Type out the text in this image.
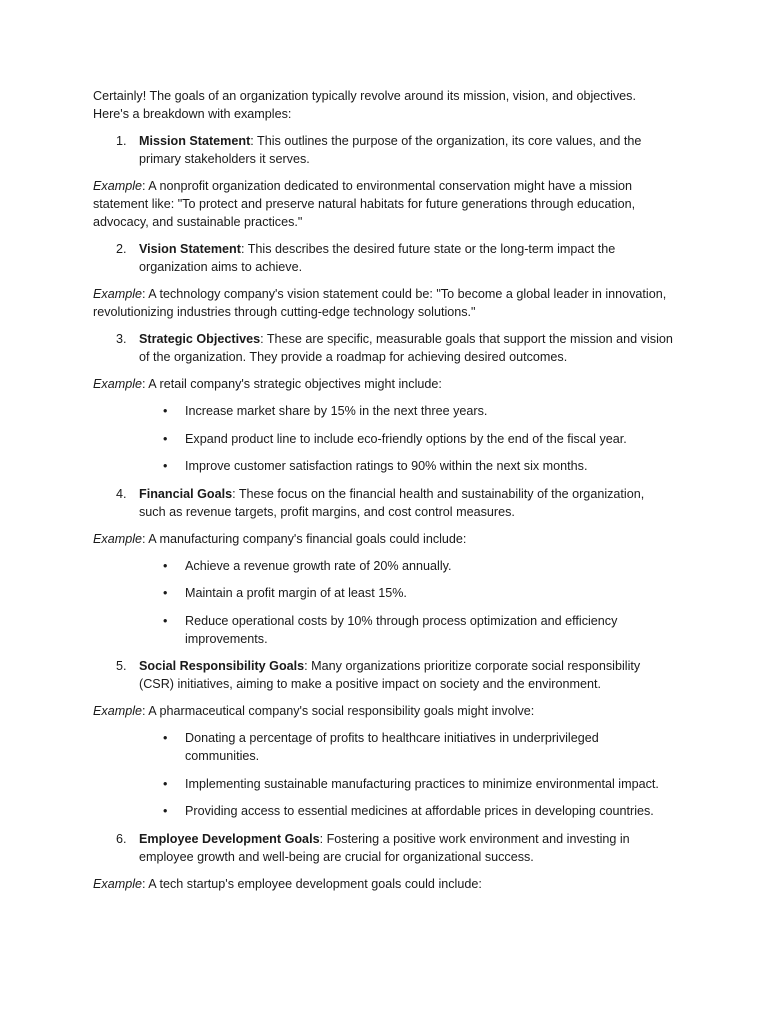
Certainly! The goals of an organization typically revolve around its mission, vision, and objectives. Here's a breakdown with examples:

1. Mission Statement: This outlines the purpose of the organization, its core values, and the primary stakeholders it serves.

Example: A nonprofit organization dedicated to environmental conservation might have a mission statement like: "To protect and preserve natural habitats for future generations through education, advocacy, and sustainable practices."

2. Vision Statement: This describes the desired future state or the long-term impact the organization aims to achieve.

Example: A technology company's vision statement could be: "To become a global leader in innovation, revolutionizing industries through cutting-edge technology solutions."

3. Strategic Objectives: These are specific, measurable goals that support the mission and vision of the organization. They provide a roadmap for achieving desired outcomes.

Example: A retail company's strategic objectives might include:

• Increase market share by 15% in the next three years.
• Expand product line to include eco-friendly options by the end of the fiscal year.
• Improve customer satisfaction ratings to 90% within the next six months.

4. Financial Goals: These focus on the financial health and sustainability of the organization, such as revenue targets, profit margins, and cost control measures.

Example: A manufacturing company's financial goals could include:

• Achieve a revenue growth rate of 20% annually.
• Maintain a profit margin of at least 15%.
• Reduce operational costs by 10% through process optimization and efficiency improvements.

5. Social Responsibility Goals: Many organizations prioritize corporate social responsibility (CSR) initiatives, aiming to make a positive impact on society and the environment.

Example: A pharmaceutical company's social responsibility goals might involve:

• Donating a percentage of profits to healthcare initiatives in underprivileged communities.
• Implementing sustainable manufacturing practices to minimize environmental impact.
• Providing access to essential medicines at affordable prices in developing countries.

6. Employee Development Goals: Fostering a positive work environment and investing in employee growth and well-being are crucial for organizational success.

Example: A tech startup's employee development goals could include:
